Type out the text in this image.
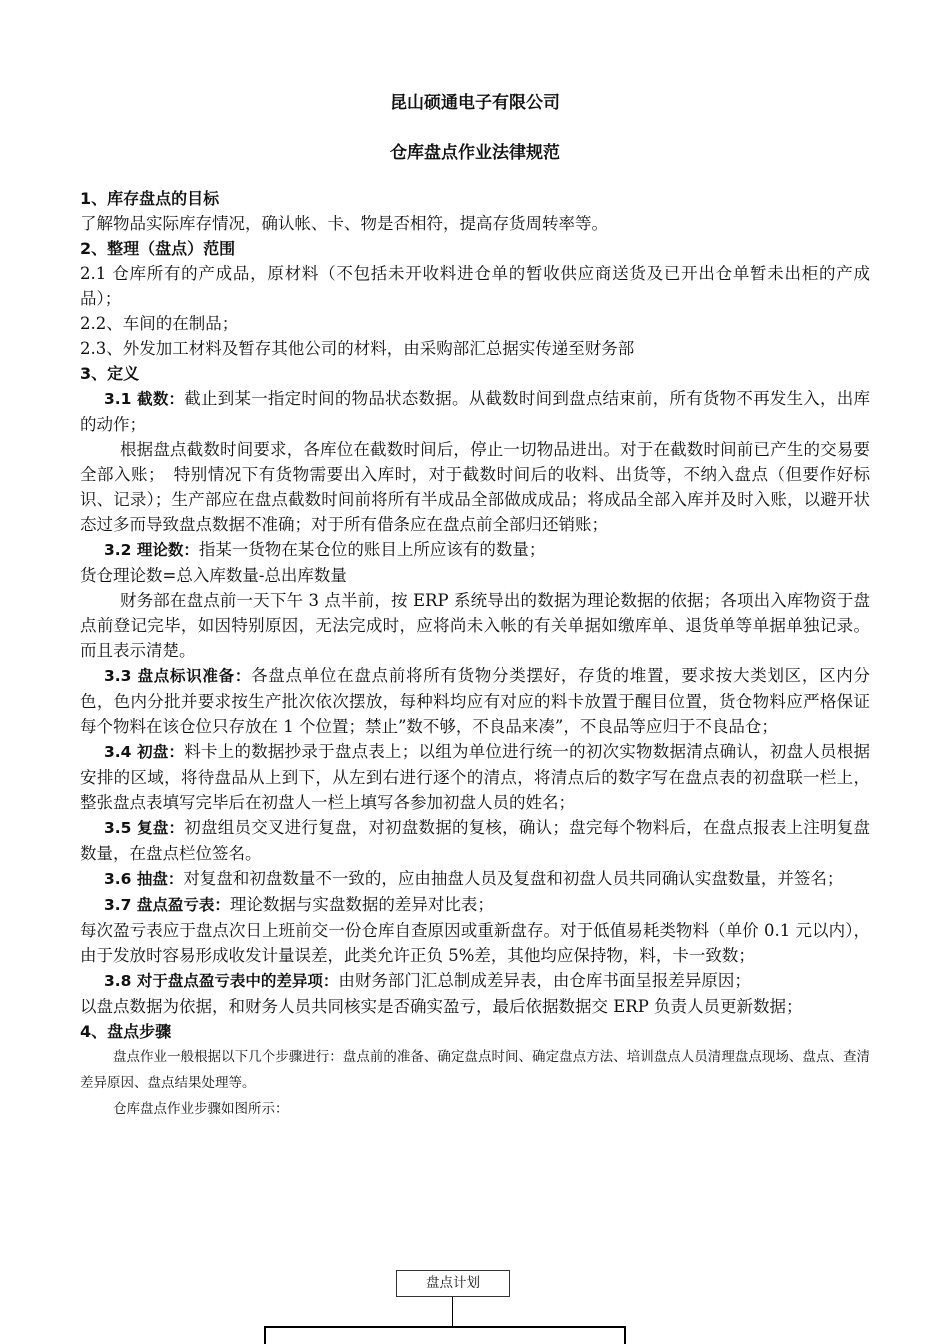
昆山硕通电子有限公司
仓库盘点作业法律规范

1、库存盘点的目标

了解物品实际库存情况，确认帐、卡、物是否相符，提高存货周转率等。

2、整理（盘点）范围

2.1 仓库所有的产成品，原材料（不包括未开收料进仓单的暂收供应商送货及已开出仓单暂未出柜的产成品）；

2.2、车间的在制品；

2.3、外发加工材料及暂存其他公司的材料，由采购部汇总据实传递至财务部

3、定义

3.1 截数：截止到某一指定时间的物品状态数据。从截数时间到盘点结束前，所有货物不再发生入，出库的动作；

根据盘点截数时间要求，各库位在截数时间后，停止一切物品进出。对于在截数时间前已产生的交易要全部入账；　特别情况下有货物需要出入库时，对于截数时间后的收料、出货等，不纳入盘点（但要作好标识、记录）；生产部应在盘点截数时间前将所有半成品全部做成成品；将成品全部入库并及时入账，以避开状态过多而导致盘点数据不准确；对于所有借条应在盘点前全部归还销账；

3.2 理论数：指某一货物在某仓位的账目上所应该有的数量；

货仓理论数=总入库数量-总出库数量

财务部在盘点前一天下午 3 点半前，按 ERP 系统导出的数据为理论数据的依据；各项出入库物资于盘点前登记完毕，如因特别原因，无法完成时，应将尚未入帐的有关单据如缴库单、退货单等单据单独记录。而且表示清楚。

3.3 盘点标识准备：各盘点单位在盘点前将所有货物分类摆好，存货的堆置，要求按大类划区，区内分色，色内分批并要求按生产批次依次摆放，每种料均应有对应的料卡放置于醒目位置，货仓物料应严格保证每个物料在该仓位只存放在 1 个位置；禁止”数不够，不良品来凑”，不良品等应归于不良品仓；

3.4 初盘：料卡上的数据抄录于盘点表上；以组为单位进行统一的初次实物数据清点确认，初盘人员根据安排的区域，将待盘品从上到下，从左到右进行逐个的清点，将清点后的数字写在盘点表的初盘联一栏上，整张盘点表填写完毕后在初盘人一栏上填写各参加初盘人员的姓名；

3.5 复盘：初盘组员交叉进行复盘，对初盘数据的复核，确认；盘完每个物料后，在盘点报表上注明复盘数量，在盘点栏位签名。

3.6 抽盘：对复盘和初盘数量不一致的，应由抽盘人员及复盘和初盘人员共同确认实盘数量，并签名；

3.7 盘点盈亏表：理论数据与实盘数据的差异对比表；

每次盈亏表应于盘点次日上班前交一份仓库自查原因或重新盘存。对于低值易耗类物料（单价 0.1 元以内），由于发放时容易形成收发计量误差，此类允许正负 5%差，其他均应保持物，料，卡一致数；

3.8 对于盘点盈亏表中的差异项：由财务部门汇总制成差异表，由仓库书面呈报差异原因；

以盘点数据为依据，和财务人员共同核实是否确实盈亏，最后依据数据交 ERP 负责人员更新数据；

4、盘点步骤

盘点作业一般根据以下几个步骤进行：盘点前的准备、确定盘点时间、确定盘点方法、培训盘点人员清理盘点现场、盘点、查清差异原因、盘点结果处理等。

仓库盘点作业步骤如图所示：

盘点计划
